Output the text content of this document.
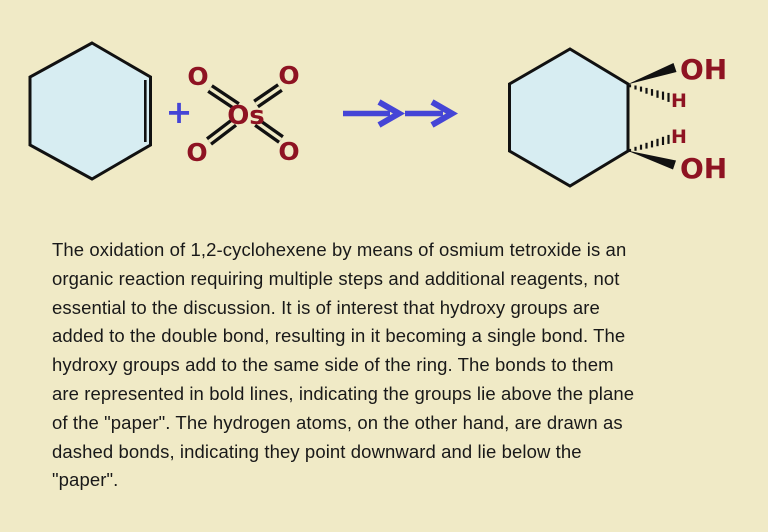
+
O	O
Os
O	O
OH
H
H
OH
The oxidation of 1,2-cyclohexene by means of osmium tetroxide is an
organic reaction requiring multiple steps and additional reagents, not
essential to the discussion. It is of interest that hydroxy groups are
added to the double bond, resulting in it becoming a single bond. The
hydroxy groups add to the same side of the ring. The bonds to them
are represented in bold lines, indicating the groups lie above the plane
of the "paper". The hydrogen atoms, on the other hand, are drawn as
dashed bonds, indicating they point downward and lie below the
"paper".
